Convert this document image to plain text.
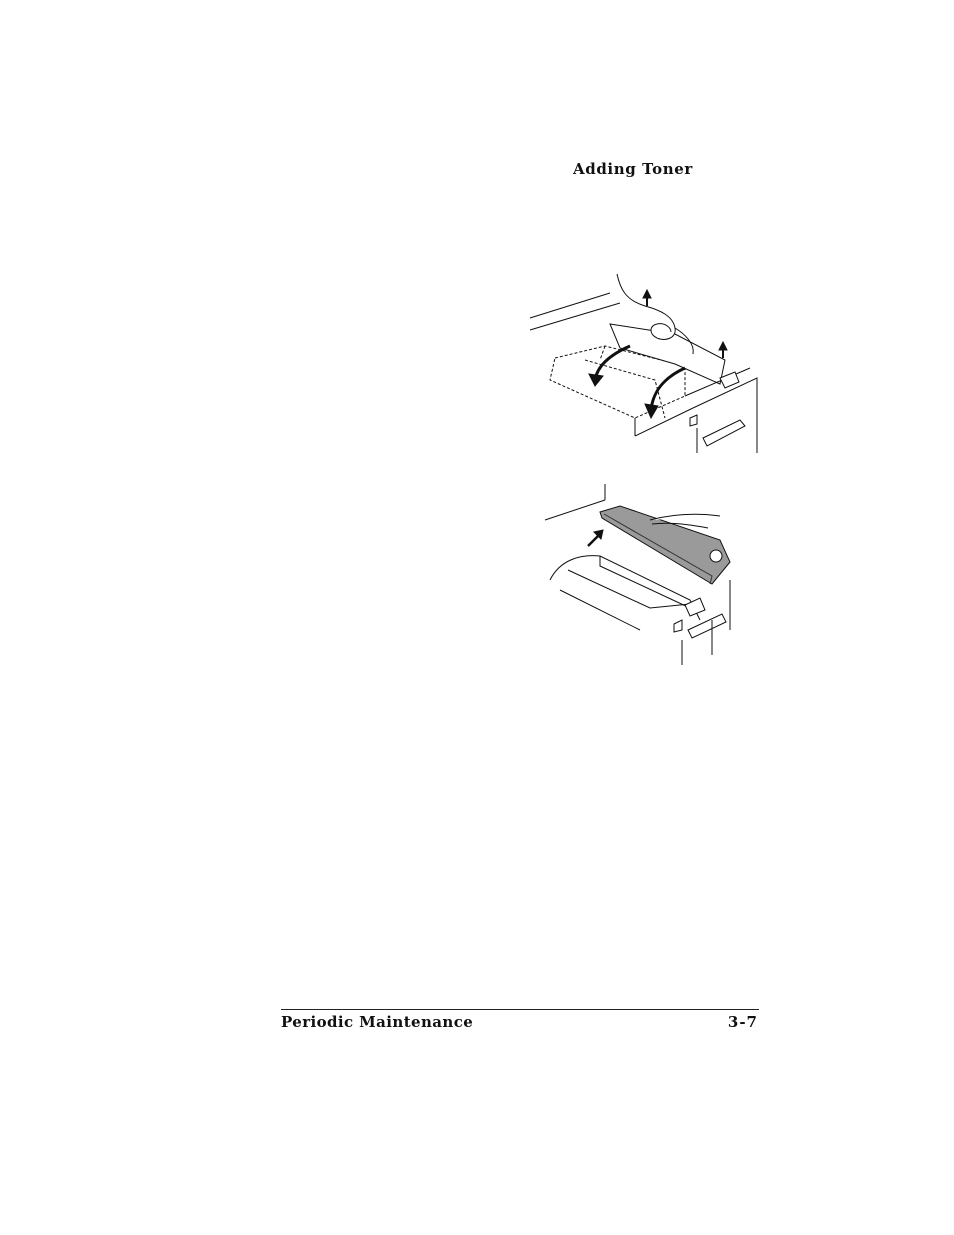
Adding Toner
Periodic Maintenance	3-7
